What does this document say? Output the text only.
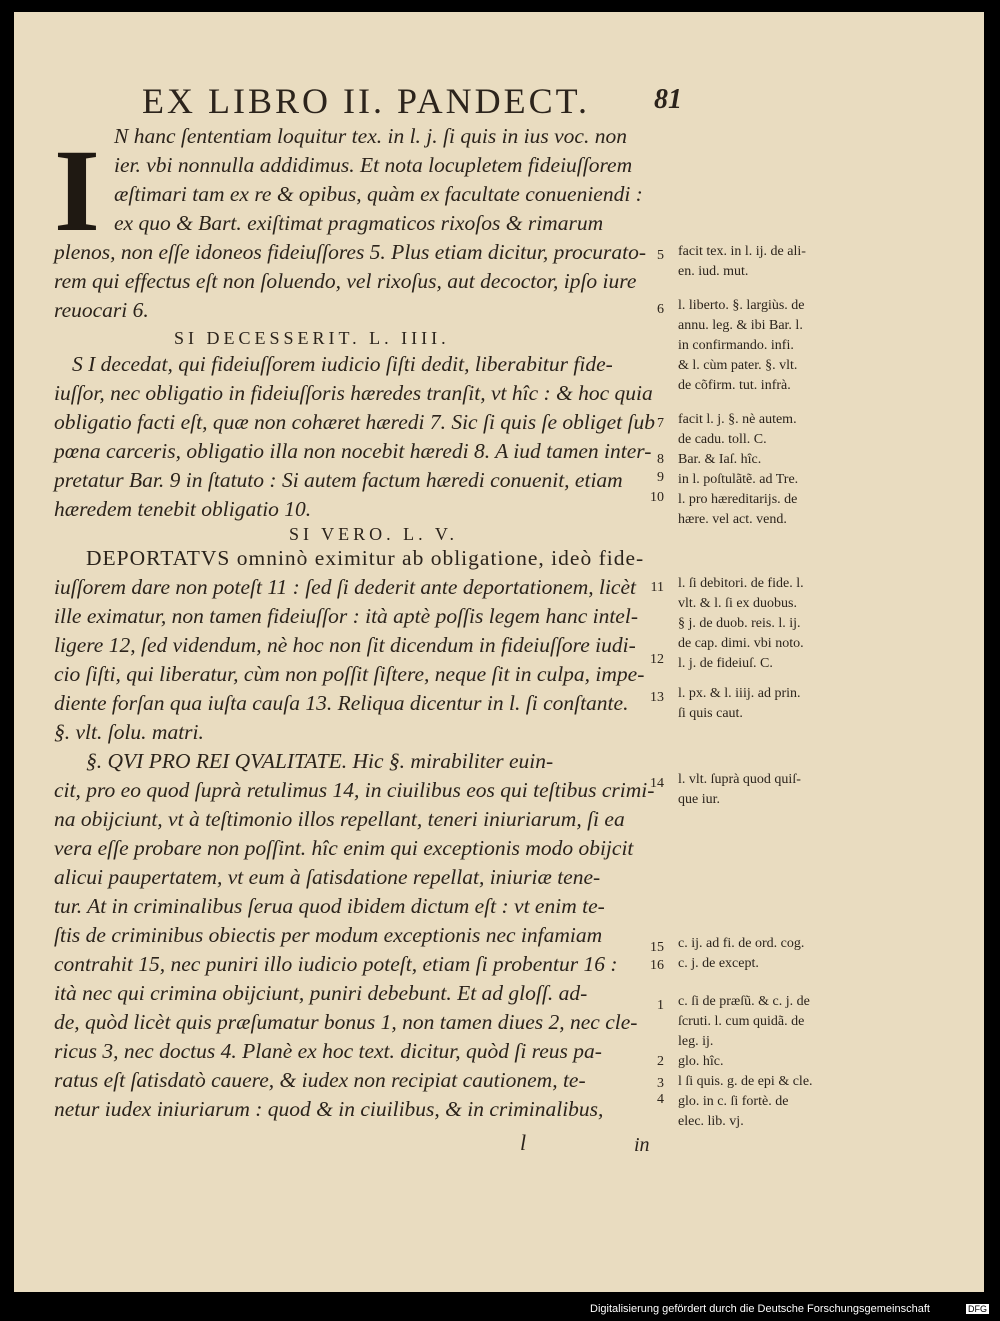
EX LIBRO II. PANDECT. 81
I N hanc ſententiam loquitur tex. in l. j. ſi quis in ius voc. non
ier. vbi nonnulla addidimus. Et nota locupletem fideiuſſorem
æſtimari tam ex re & opibus, quàm ex facultate conueniendi :
ex quo & Bart. exiſtimat pragmaticos rixoſos & rimarum
plenos, non eſſe idoneos fideiuſſores 5. Plus etiam dicitur, procurato-
rem qui effectus eſt non ſoluendo, vel rixoſus, aut decoctor, ipſo iure
reuocari 6.
SI DECESSERIT. L. IIII.
S I decedat, qui fideiuſſorem iudicio ſiſti dedit, liberabitur fide-
iuſſor, nec obligatio in fideiuſſoris hæredes tranſit, vt hîc : & hoc quia
obligatio facti eſt, quæ non cohæret hæredi 7. Sic ſi quis ſe obliget ſub
pœna carceris, obligatio illa non nocebit hæredi 8. A iud tamen inter-
pretatur Bar. 9 in ſtatuto : Si autem factum hæredi conuenit, etiam
hæredem tenebit obligatio 10.
SI VERO. L. V.
DEPORTATVS omninò eximitur ab obligatione, ideò fide-
iuſſorem dare non poteſt 11 : ſed ſi dederit ante deportationem, licèt
ille eximatur, non tamen fideiuſſor : ità aptè poſſis legem hanc intel-
ligere 12, ſed videndum, nè hoc non ſit dicendum in fideiuſſore iudi-
cio ſiſti, qui liberatur, cùm non poſſit ſiſtere, neque ſit in culpa, impe-
diente forſan qua iuſta cauſa 13. Reliqua dicentur in l. ſi conſtante.
§. vlt. ſolu. matri.
§. QVI PRO REI QVALITATE. Hic §. mirabiliter euin-
cit, pro eo quod ſuprà retulimus 14, in ciuilibus eos qui teſtibus crimi-
na obijciunt, vt à teſtimonio illos repellant, teneri iniuriarum, ſi ea
vera eſſe probare non poſſint. hîc enim qui exceptionis modo obijcit
alicui paupertatem, vt eum à ſatisdatione repellat, iniuriæ tene-
tur. At in criminalibus ſerua quod ibidem dictum eſt : vt enim te-
ſtis de criminibus obiectis per modum exceptionis nec infamiam
contrahit 15, nec puniri illo iudicio poteſt, etiam ſi probentur 16 :
ità nec qui crimina obijciunt, puniri debebunt. Et ad gloſſ. ad-
de, quòd licèt quis præſumatur bonus 1, non tamen diues 2, nec cle-
ricus 3, nec doctus 4. Planè ex hoc text. dicitur, quòd ſi reus pa-
ratus eſt ſatisdatò cauere, & iudex non recipiat cautionem, te-
netur iudex iniuriarum : quod & in ciuilibus, & in criminalibus,
l	in
5
6
7
8
9
10
11
12
13
14
15
16
1
2
3
4
facit tex. in l. ij. de ali-
en. iud. mut.
l. liberto. §. largiùs. de
annu. leg. & ibi Bar. l.
in confirmando. infi.
& l. cùm pater. §. vlt.
de cõfirm. tut. infrà.
facit l. j. §. nè autem.
de cadu. toll. C.
Bar. & Iaſ. hîc.
in l. poſtulãtẽ. ad Tre.
l. pro hæreditarijs. de
hære. vel act. vend.
l. ſi debitori. de fide. l.
vlt. & l. ſi ex duobus.
§ j. de duob. reis. l. ij.
de cap. dimi. vbi noto.
l. j. de fideiuſ. C.
l. px. & l. iiij. ad prin.
ſi quis caut.
l. vlt. ſuprà quod quiſ-
que iur.
c. ij. ad fi. de ord. cog.
c. j. de except.
c. ſi de præſũ. & c. j. de
ſcruti. l. cum quidã. de
leg. ij.
glo. hîc.
l ſi quis. g. de epi & cle.
glo. in c. ſi fortè. de
elec. lib. vj.
Digitalisierung gefördert durch die Deutsche Forschungsgemeinschaft	DFG
